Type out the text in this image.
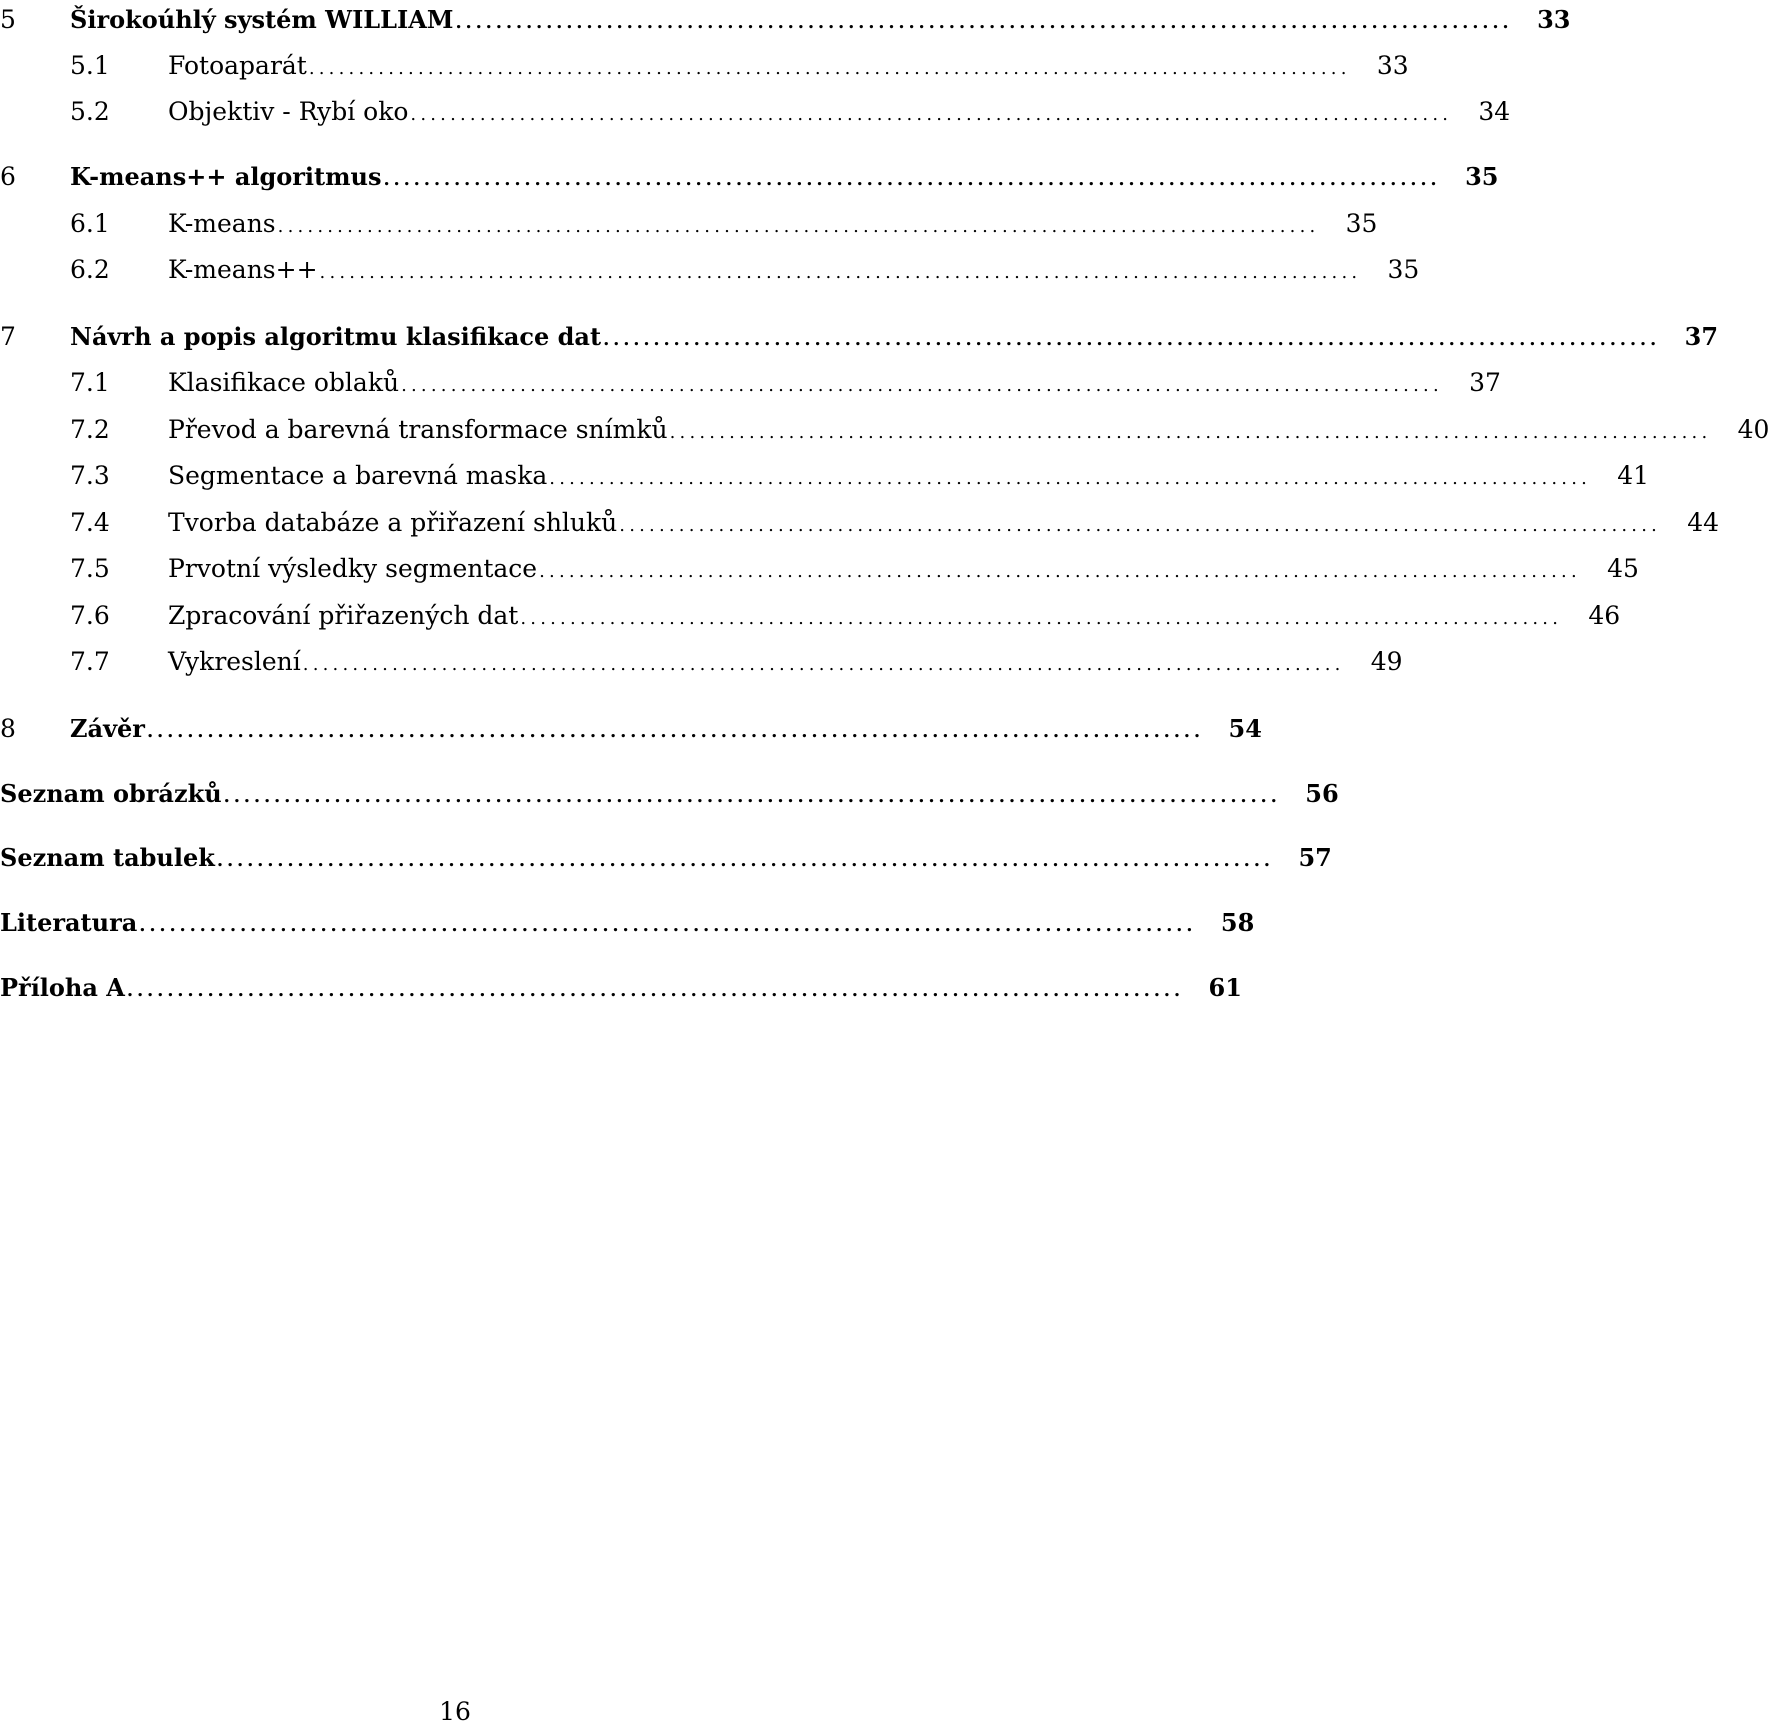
5 Širokoúhlý systém WILLIAM .........................................................................................................	33
5.1 Fotoaparát .........................................................................................................	33
5.2 Objektiv - Rybí oko .........................................................................................................	34
6 K-means++ algoritmus .........................................................................................................	35
6.1 K-means .........................................................................................................	35
6.2 K-means++ .........................................................................................................	35
7 Návrh a popis algoritmu klasifikace dat .........................................................................................................	37
7.1 Klasifikace oblaků .........................................................................................................	37
7.2 Převod a barevná transformace snímků .........................................................................................................	40
7.3 Segmentace a barevná maska .........................................................................................................	41
7.4 Tvorba databáze a přiřazení shluků .........................................................................................................	44
7.5 Prvotní výsledky segmentace .........................................................................................................	45
7.6 Zpracování přiřazených dat .........................................................................................................	46
7.7 Vykreslení .........................................................................................................	49
8 Závěr .........................................................................................................	54
Seznam obrázků .........................................................................................................	56
Seznam tabulek .........................................................................................................	57
Literatura .........................................................................................................	58
Příloha A .........................................................................................................	61
16
